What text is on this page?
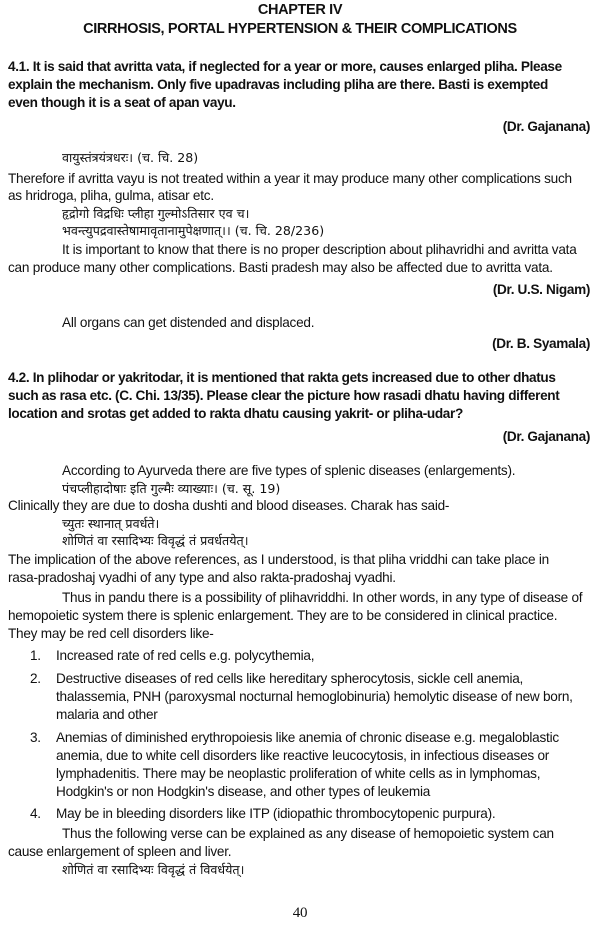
CHAPTER IV
CIRRHOSIS, PORTAL HYPERTENSION & THEIR COMPLICATIONS
4.1. It is said that avritta vata, if neglected for a year or more, causes enlarged pliha. Please
explain the mechanism. Only five upadravas including pliha are there. Basti is exempted
even though it is a seat of apan vayu.
(Dr. Gajanana)
वायुस्तंत्रयंत्रधरः। (च. चि. 28)
Therefore if avritta vayu is not treated within a year it may produce many other complications such
as hridroga, pliha, gulma, atisar etc.
हृद्रोगो विद्रधिः प्लीहा गुल्मोऽतिसार एव च।
भवन्त्युपद्रवास्तेषामावृतानामुपेक्षणात्।। (च. चि. 28/236)
It is important to know that there is no proper description about plihavridhi and avritta vata
can produce many other complications. Basti pradesh may also be affected due to avritta vata.
(Dr. U.S. Nigam)
All organs can get distended and displaced.
(Dr. B. Syamala)
4.2. In plihodar or yakritodar, it is mentioned that rakta gets increased due to other dhatus
such as rasa etc. (C. Chi. 13/35). Please clear the picture how rasadi dhatu having different
location and srotas get added to rakta dhatu causing yakrit- or pliha-udar?
(Dr. Gajanana)
According to Ayurveda there are five types of splenic diseases (enlargements).
पंचप्लीहादोषाः इति गुल्मैः व्याख्याः। (च. सू. 19)
Clinically they are due to dosha dushti and blood diseases. Charak has said-
च्युतः स्थानात् प्रवर्धते।
शोणितं वा रसादिभ्यः विवृद्धं तं प्रवर्धतयेत्।
The implication of the above references, as I understood, is that pliha vriddhi can take place in
rasa-pradoshaj vyadhi of any type and also rakta-pradoshaj vyadhi.
Thus in pandu there is a possibility of plihavriddhi. In other words, in any type of disease of
hemopoietic system there is splenic enlargement. They are to be considered in clinical practice.
They may be red cell disorders like-
1. Increased rate of red cells e.g. polycythemia,
2. Destructive diseases of red cells like hereditary spherocytosis, sickle cell anemia,
thalassemia, PNH (paroxysmal nocturnal hemoglobinuria) hemolytic disease of new born,
malaria and other
3. Anemias of diminished erythropoiesis like anemia of chronic disease e.g. megaloblastic
anemia, due to white cell disorders like reactive leucocytosis, in infectious diseases or
lymphadenitis. There may be neoplastic proliferation of white cells as in lymphomas,
Hodgkin's or non Hodgkin's disease, and other types of leukemia
4. May be in bleeding disorders like ITP (idiopathic thrombocytopenic purpura).
Thus the following verse can be explained as any disease of hemopoietic system can
cause enlargement of spleen and liver.
शोणितं वा रसादिभ्यः विवृद्धं तं विवर्धयेत्।
40
